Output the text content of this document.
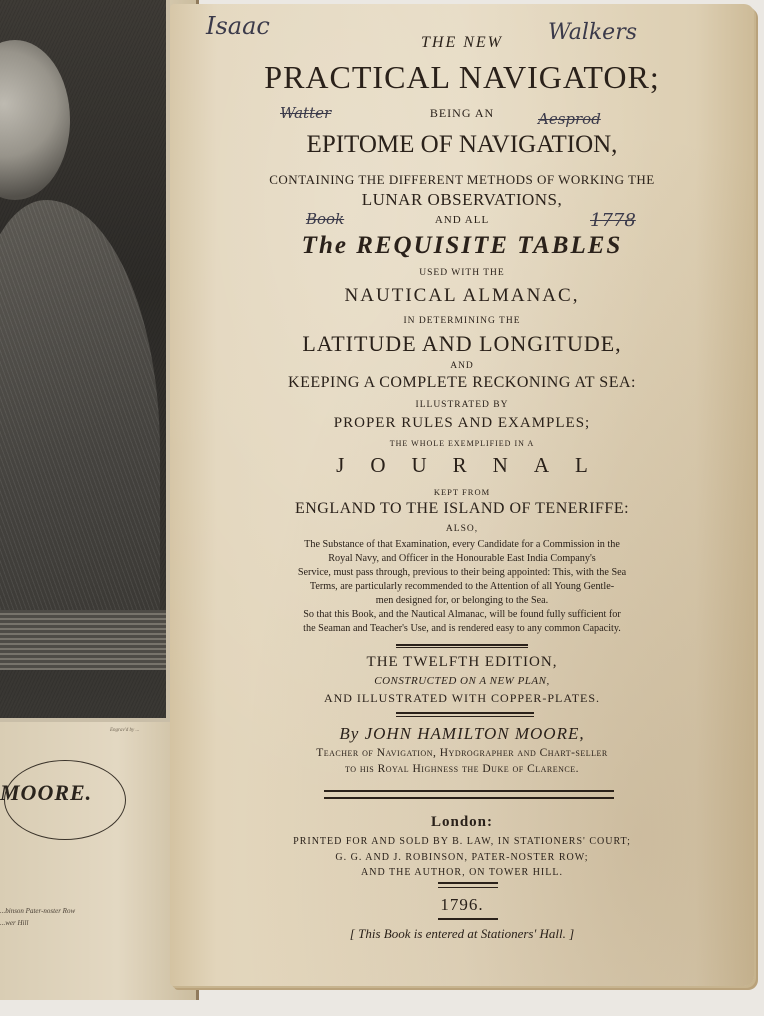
Engrav'd by ...
MOORE.
...binson Pater-noster Row
...wer Hill
Isaac	Walkers
Watter	Aesprod
Book	1778
THE NEW
PRACTICAL NAVIGATOR;
BEING AN
EPITOME OF NAVIGATION,
CONTAINING THE DIFFERENT METHODS OF WORKING THE
LUNAR OBSERVATIONS,
AND ALL
The REQUISITE TABLES
USED WITH THE
NAUTICAL ALMANAC,
IN DETERMINING THE
LATITUDE AND LONGITUDE,
AND
KEEPING A COMPLETE RECKONING AT SEA:
ILLUSTRATED BY
PROPER RULES AND EXAMPLES;
THE WHOLE EXEMPLIFIED IN A
JOURNAL
KEPT FROM
ENGLAND TO THE ISLAND OF TENERIFFE:
ALSO,
The Substance of that Examination, every Candidate for a Commission in the
Royal Navy, and Officer in the Honourable East India Company's
Service, must pass through, previous to their being appointed: This, with the Sea
Terms, are particularly recommended to the Attention of all Young Gentle-
men designed for, or belonging to the Sea.
So that this Book, and the Nautical Almanac, will be found fully sufficient for
the Seaman and Teacher's Use, and is rendered easy to any common Capacity.
THE TWELFTH EDITION,
CONSTRUCTED ON A NEW PLAN,
AND ILLUSTRATED WITH COPPER-PLATES.
By JOHN HAMILTON MOORE,
Teacher of Navigation, Hydrographer and Chart-seller
to his Royal Highness the Duke of Clarence.
London:
PRINTED FOR AND SOLD BY B. LAW, IN STATIONERS' COURT;
G. G. AND J. ROBINSON, PATER-NOSTER ROW;
AND THE AUTHOR, ON TOWER HILL.
1796.
[ This Book is entered at Stationers' Hall. ]
